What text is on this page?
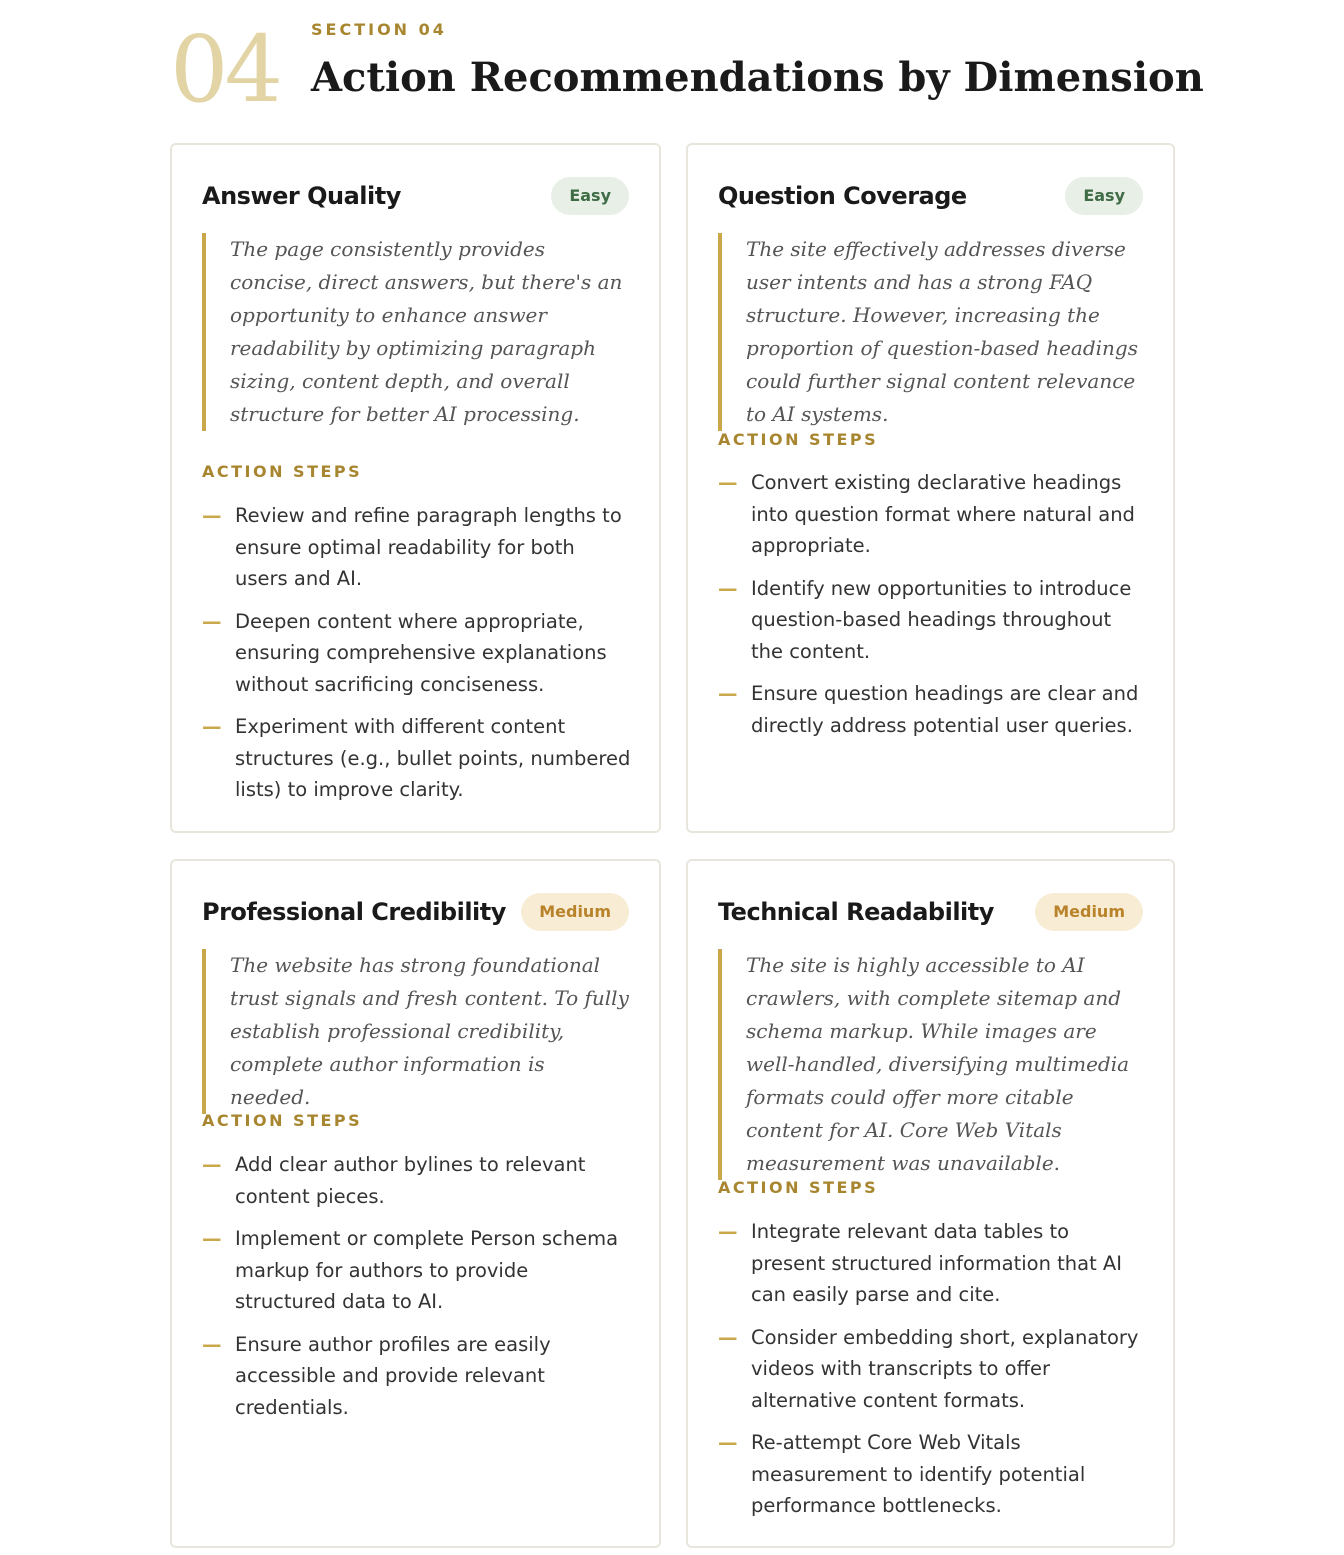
04 SECTION 04
Action Recommendations by Dimension
Answer Quality	Easy
The page consistently provides concise, direct answers, but there's an opportunity to enhance answer readability by optimizing paragraph sizing, content depth, and overall structure for better AI processing.
ACTION STEPS
— Review and refine paragraph lengths to ensure optimal readability for both users and AI.
— Deepen content where appropriate, ensuring comprehensive explanations without sacrificing conciseness.
— Experiment with different content structures (e.g., bullet points, numbered lists) to improve clarity.
Question Coverage	Easy
The site effectively addresses diverse user intents and has a strong FAQ structure. However, increasing the proportion of question-based headings could further signal content relevance to AI systems.
ACTION STEPS
— Convert existing declarative headings into question format where natural and appropriate.
— Identify new opportunities to introduce question-based headings throughout the content.
— Ensure question headings are clear and directly address potential user queries.
Professional Credibility	Medium
The website has strong foundational trust signals and fresh content. To fully establish professional credibility, complete author information is needed.
ACTION STEPS
— Add clear author bylines to relevant content pieces.
— Implement or complete Person schema markup for authors to provide structured data to AI.
— Ensure author profiles are easily accessible and provide relevant credentials.
Technical Readability	Medium
The site is highly accessible to AI crawlers, with complete sitemap and schema markup. While images are well-handled, diversifying multimedia formats could offer more citable content for AI. Core Web Vitals measurement was unavailable.
ACTION STEPS
— Integrate relevant data tables to present structured information that AI can easily parse and cite.
— Consider embedding short, explanatory videos with transcripts to offer alternative content formats.
— Re-attempt Core Web Vitals measurement to identify potential performance bottlenecks.
